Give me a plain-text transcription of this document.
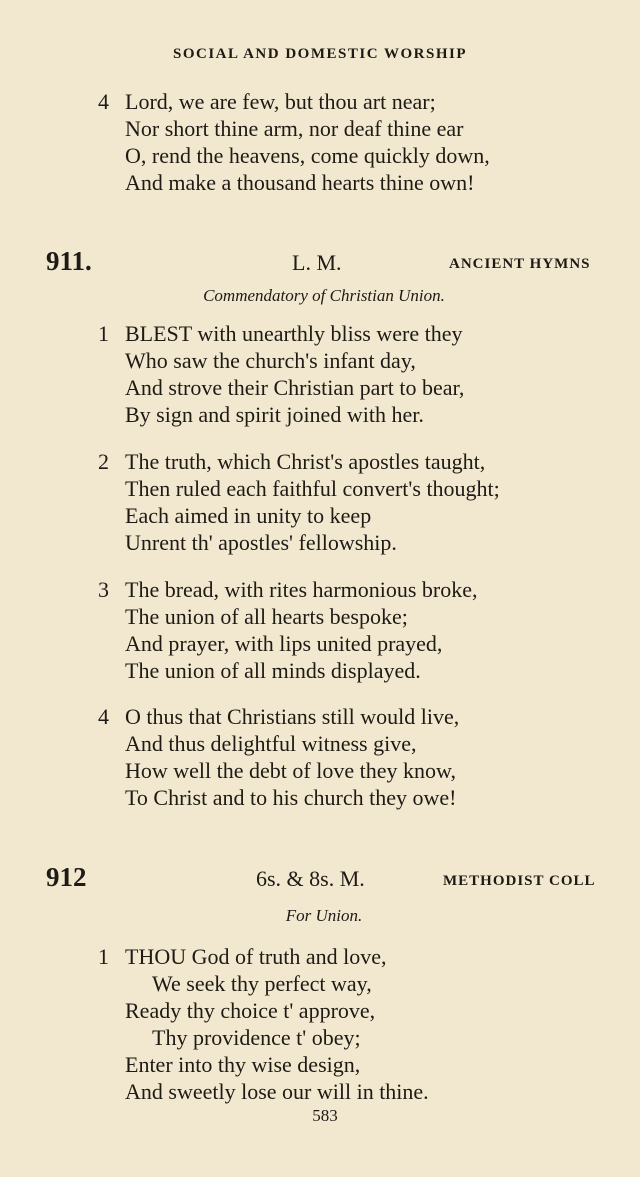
SOCIAL AND DOMESTIC WORSHIP
4 Lord, we are few, but thou art near;
Nor short thine arm, nor deaf thine ear
O, rend the heavens, come quickly down,
And make a thousand hearts thine own!
911.	L. M.	ANCIENT HYMNS
Commendatory of Christian Union.
1 BLEST with unearthly bliss were they
Who saw the church's infant day,
And strove their Christian part to bear,
By sign and spirit joined with her.
2 The truth, which Christ's apostles taught,
Then ruled each faithful convert's thought;
Each aimed in unity to keep
Unrent th' apostles' fellowship.
3 The bread, with rites harmonious broke,
The union of all hearts bespoke;
And prayer, with lips united prayed,
The union of all minds displayed.
4 O thus that Christians still would live,
And thus delightful witness give,
How well the debt of love they know,
To Christ and to his church they owe!
912	6s. & 8s. M.	METHODIST COLL
For Union.
1 THOU God of truth and love,
We seek thy perfect way,
Ready thy choice t' approve,
Thy providence t' obey;
Enter into thy wise design,
And sweetly lose our will in thine.
583
